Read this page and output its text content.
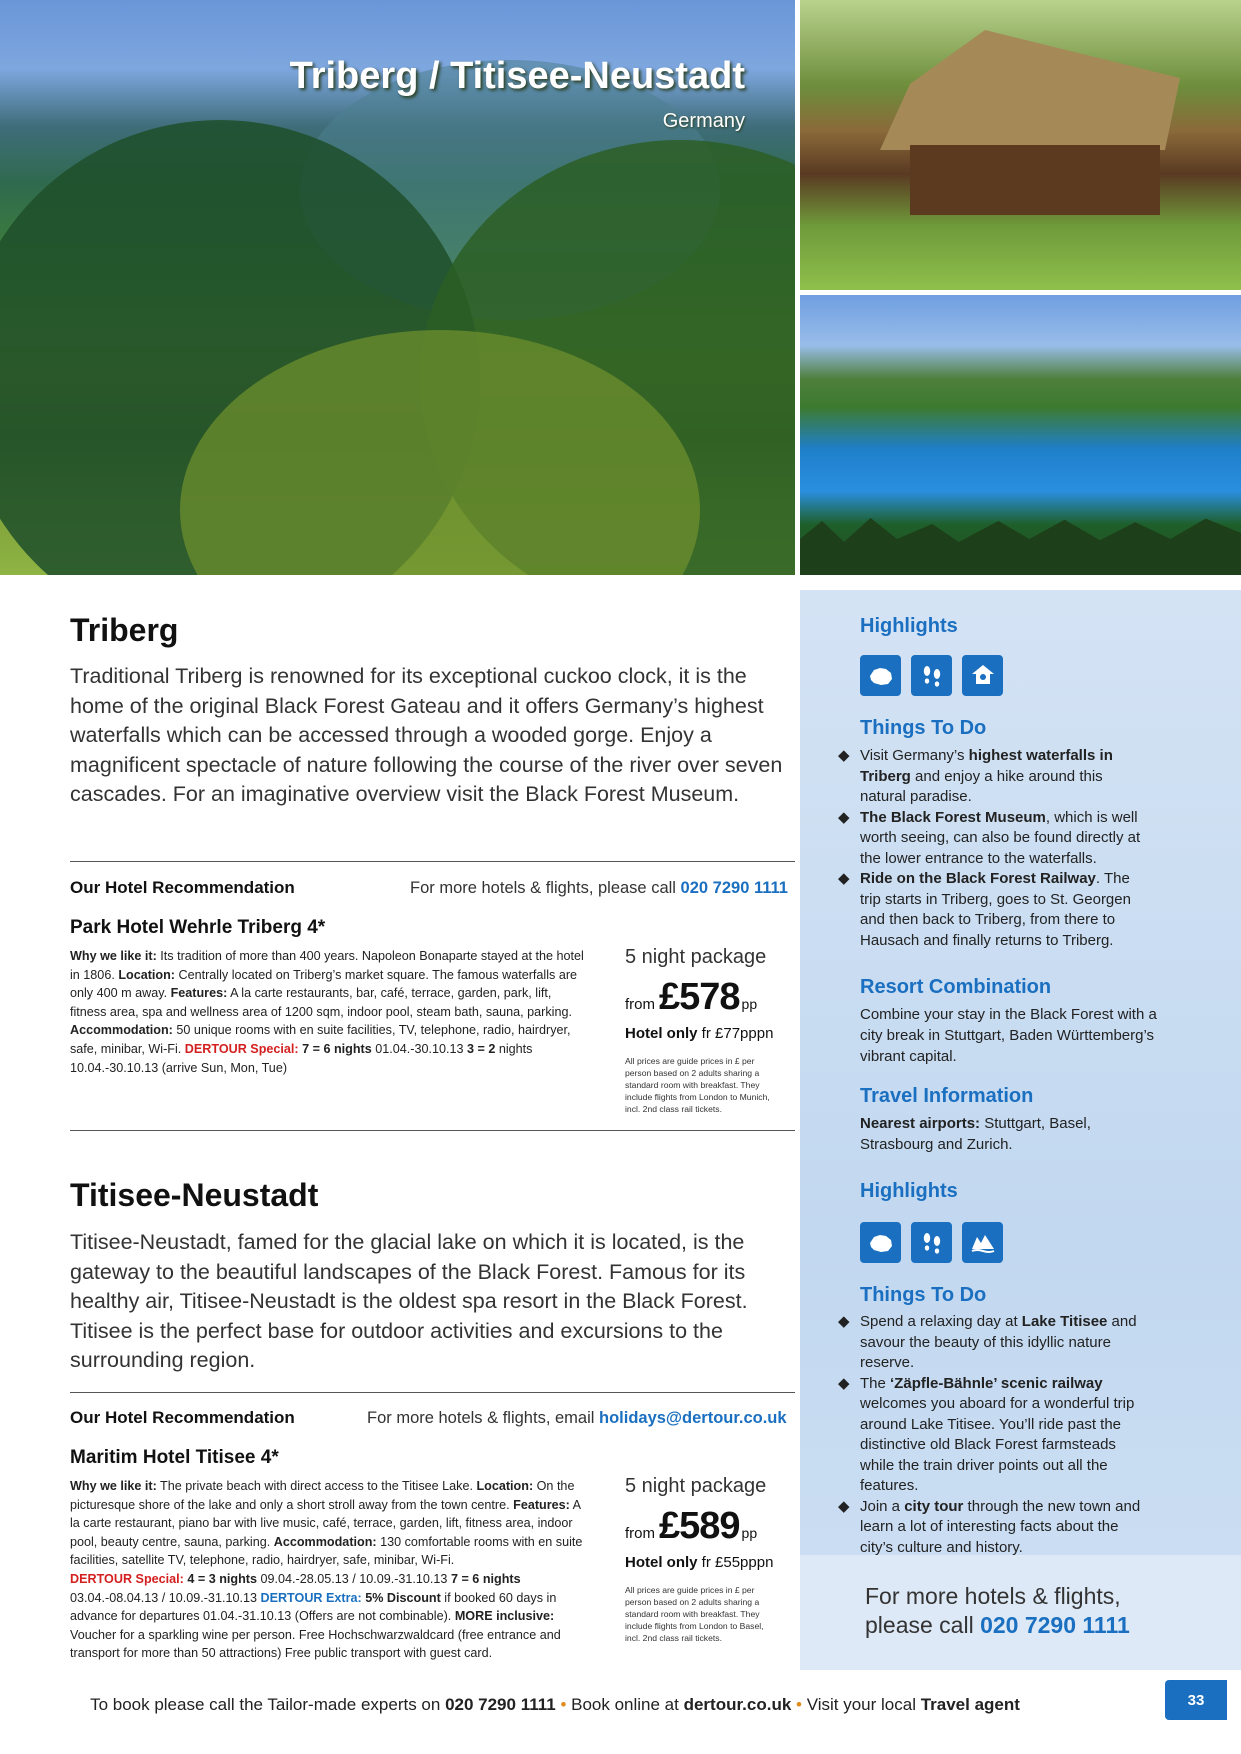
Triberg / Titisee-Neustadt
Germany
Highlights
Things To Do
◆ Visit Germany’s highest waterfalls in Triberg and enjoy a hike around this natural paradise.
◆ The Black Forest Museum, which is well worth seeing, can also be found directly at the lower entrance to the waterfalls.
◆ Ride on the Black Forest Railway. The trip starts in Triberg, goes to St. Georgen and then back to Triberg, from there to Hausach and finally returns to Triberg.
Resort Combination
Combine your stay in the Black Forest with a city break in Stuttgart, Baden Württemberg’s vibrant capital.
Travel Information
Nearest airports: Stuttgart, Basel, Strasbourg and Zurich.
Highlights
Things To Do
◆ Spend a relaxing day at Lake Titisee and savour the beauty of this idyllic nature reserve.
◆ The ‘Zäpfle-Bähnle’ scenic railway welcomes you aboard for a wonderful trip around Lake Titisee. You’ll ride past the distinctive old Black Forest farmsteads while the train driver points out all the features.
◆ Join a city tour through the new town and learn a lot of interesting facts about the city’s culture and history.
For more hotels & flights,
please call 020 7290 1111
Triberg
Traditional Triberg is renowned for its exceptional cuckoo clock, it is the home of the original Black Forest Gateau and it offers Germany’s highest waterfalls which can be accessed through a wooded gorge. Enjoy a magnificent spectacle of nature following the course of the river over seven cascades. For an imaginative overview visit the Black Forest Museum.
Our Hotel Recommendation	For more hotels & flights, please call 020 7290 1111
Park Hotel Wehrle Triberg 4*
Why we like it: Its tradition of more than 400 years. Napoleon Bonaparte stayed at the hotel in 1806. Location: Centrally located on Triberg’s market square. The famous waterfalls are only 400 m away. Features: A la carte restaurants, bar, café, terrace, garden, park, lift, fitness area, spa and wellness area of 1200 sqm, indoor pool, steam bath, sauna, parking. Accommodation: 50 unique rooms with en suite facilities, TV, telephone, radio, hairdryer, safe, minibar, Wi-Fi. DERTOUR Special: 7 = 6 nights 01.04.-30.10.13 3 = 2 nights 10.04.-30.10.13 (arrive Sun, Mon, Tue)
5 night package
from £578 pp
Hotel only fr £77pppn
All prices are guide prices in £ per person based on 2 adults sharing a standard room with breakfast. They include flights from London to Munich, incl. 2nd class rail tickets.
Titisee-Neustadt
Titisee-Neustadt, famed for the glacial lake on which it is located, is the gateway to the beautiful landscapes of the Black Forest. Famous for its healthy air, Titisee-Neustadt is the oldest spa resort in the Black Forest. Titisee is the perfect base for outdoor activities and excursions to the surrounding region.
Our Hotel Recommendation	For more hotels & flights, email holidays@dertour.co.uk
Maritim Hotel Titisee 4*
Why we like it: The private beach with direct access to the Titisee Lake. Location: On the picturesque shore of the lake and only a short stroll away from the town centre. Features: A la carte restaurant, piano bar with live music, café, terrace, garden, lift, fitness area, indoor pool, beauty centre, sauna, parking. Accommodation: 130 comfortable rooms with en suite facilities, satellite TV, telephone, radio, hairdryer, safe, minibar, Wi-Fi.
DERTOUR Special: 4 = 3 nights 09.04.-28.05.13 / 10.09.-31.10.13 7 = 6 nights 03.04.-08.04.13 / 10.09.-31.10.13 DERTOUR Extra: 5% Discount if booked 60 days in advance for departures 01.04.-31.10.13 (Offers are not combinable). MORE inclusive: Voucher for a sparkling wine per person. Free Hochschwarzwaldcard (free entrance and transport for more than 50 attractions) Free public transport with guest card.
5 night package
from £589 pp
Hotel only fr £55pppn
All prices are guide prices in £ per person based on 2 adults sharing a standard room with breakfast. They include flights from London to Basel, incl. 2nd class rail tickets.
To book please call the Tailor-made experts on 020 7290 1111 • Book online at dertour.co.uk • Visit your local Travel agent	33
